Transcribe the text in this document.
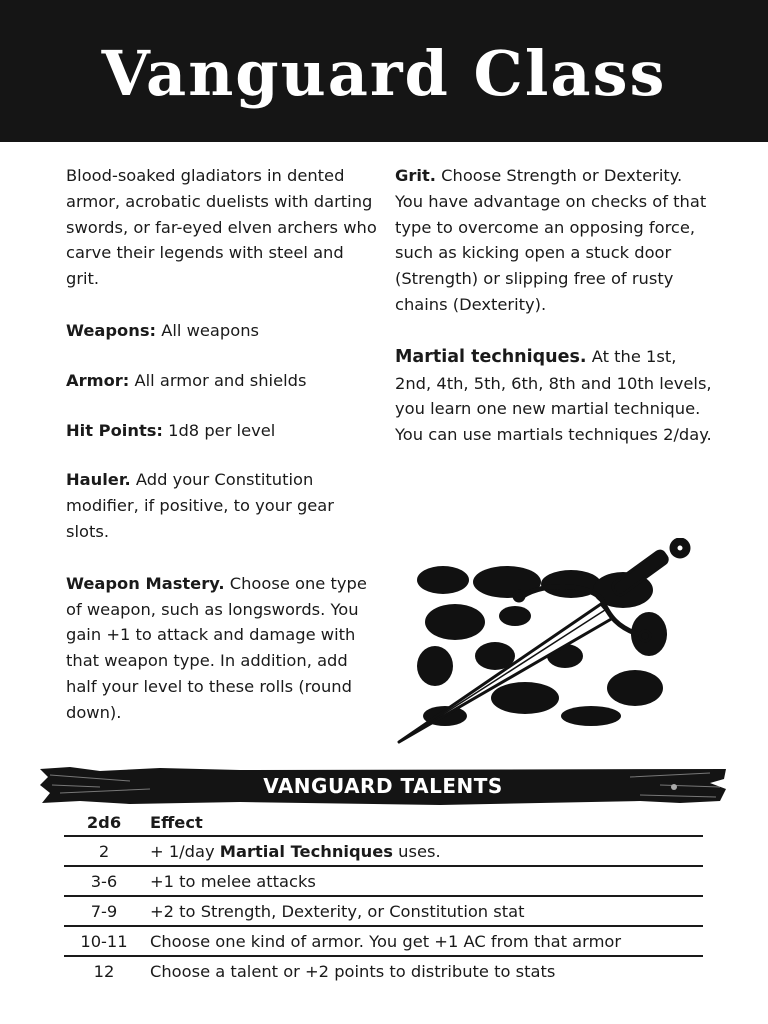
Vanguard Class

Blood-soaked gladiators in dented armor, acrobatic duelists with darting swords, or far-eyed elven archers who carve their legends with steel and grit.

Weapons: All weapons

Armor: All armor and shields

Hit Points: 1d8 per level

Hauler. Add your Constitution modifier, if positive, to your gear slots.

Weapon Mastery. Choose one type of weapon, such as longswords. You gain +1 to attack and damage with that weapon type. In addition, add half your level to these rolls (round down).

Grit. Choose Strength or Dexterity. You have advantage on checks of that type to overcome an opposing force, such as kicking open a stuck door (Strength) or slipping free of rusty chains (Dexterity).

Martial techniques. At the 1st, 2nd, 4th, 5th, 6th, 8th and 10th levels, you learn one new martial technique.

You can use martials techniques 2/day.

VANGUARD TALENTS
2d6	Effect
2	+ 1/day Martial Techniques uses.
3-6	+1 to melee attacks
7-9	+2 to Strength, Dexterity, or Constitution stat
10-11	Choose one kind of armor. You get +1 AC from that armor
12	Choose a talent or +2 points to distribute to stats
